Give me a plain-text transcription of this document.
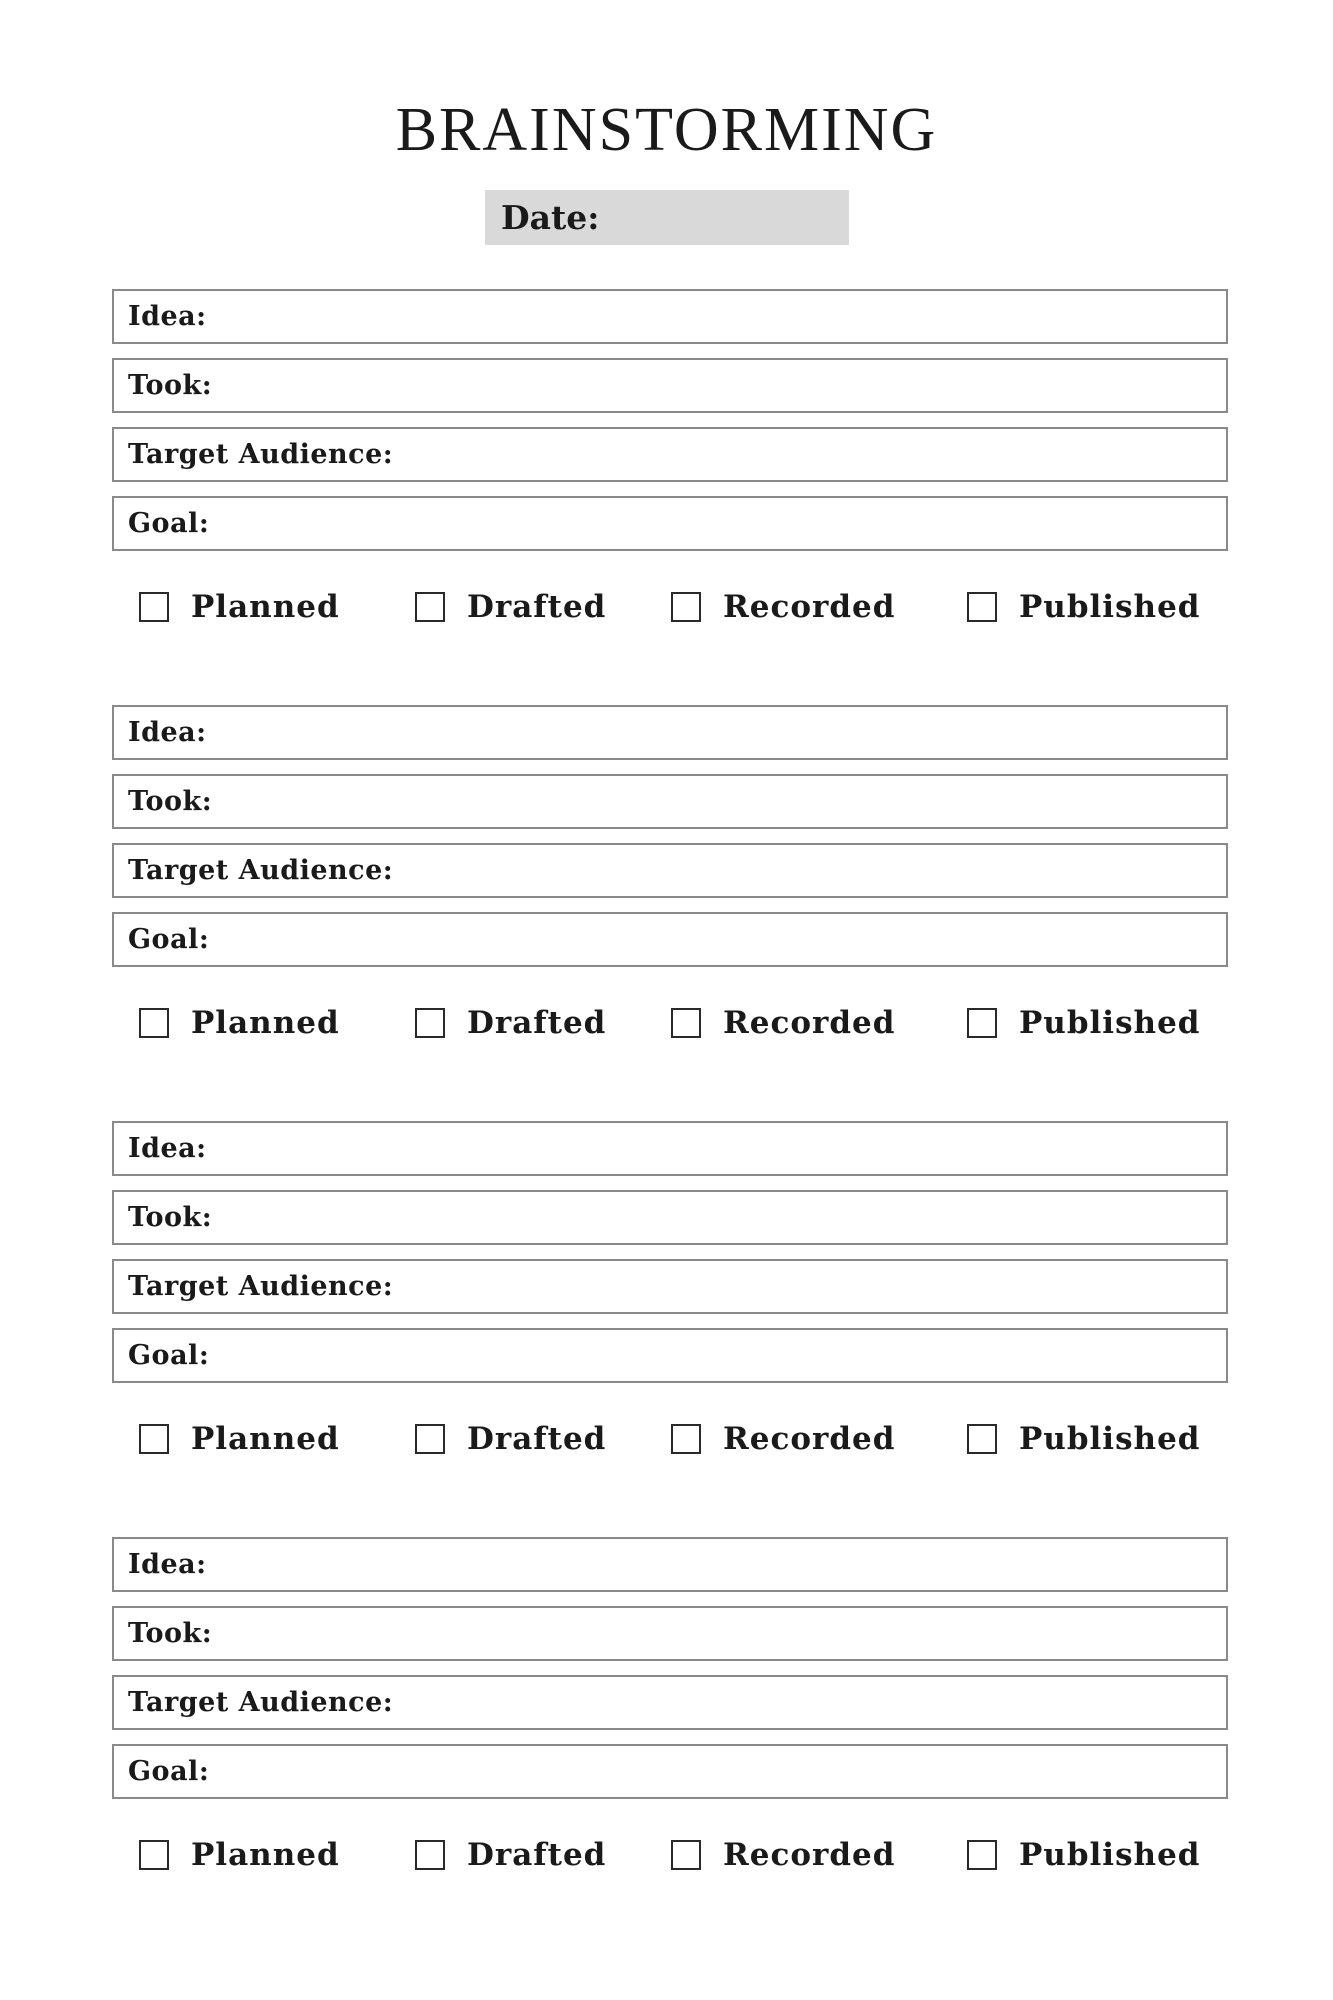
BRAINSTORMING
Date:
Idea:
Took:
Target Audience:
Goal:
Planned	Drafted	Recorded	Published
Idea:
Took:
Target Audience:
Goal:
Planned	Drafted	Recorded	Published
Idea:
Took:
Target Audience:
Goal:
Planned	Drafted	Recorded	Published
Idea:
Took:
Target Audience:
Goal:
Planned	Drafted	Recorded	Published
